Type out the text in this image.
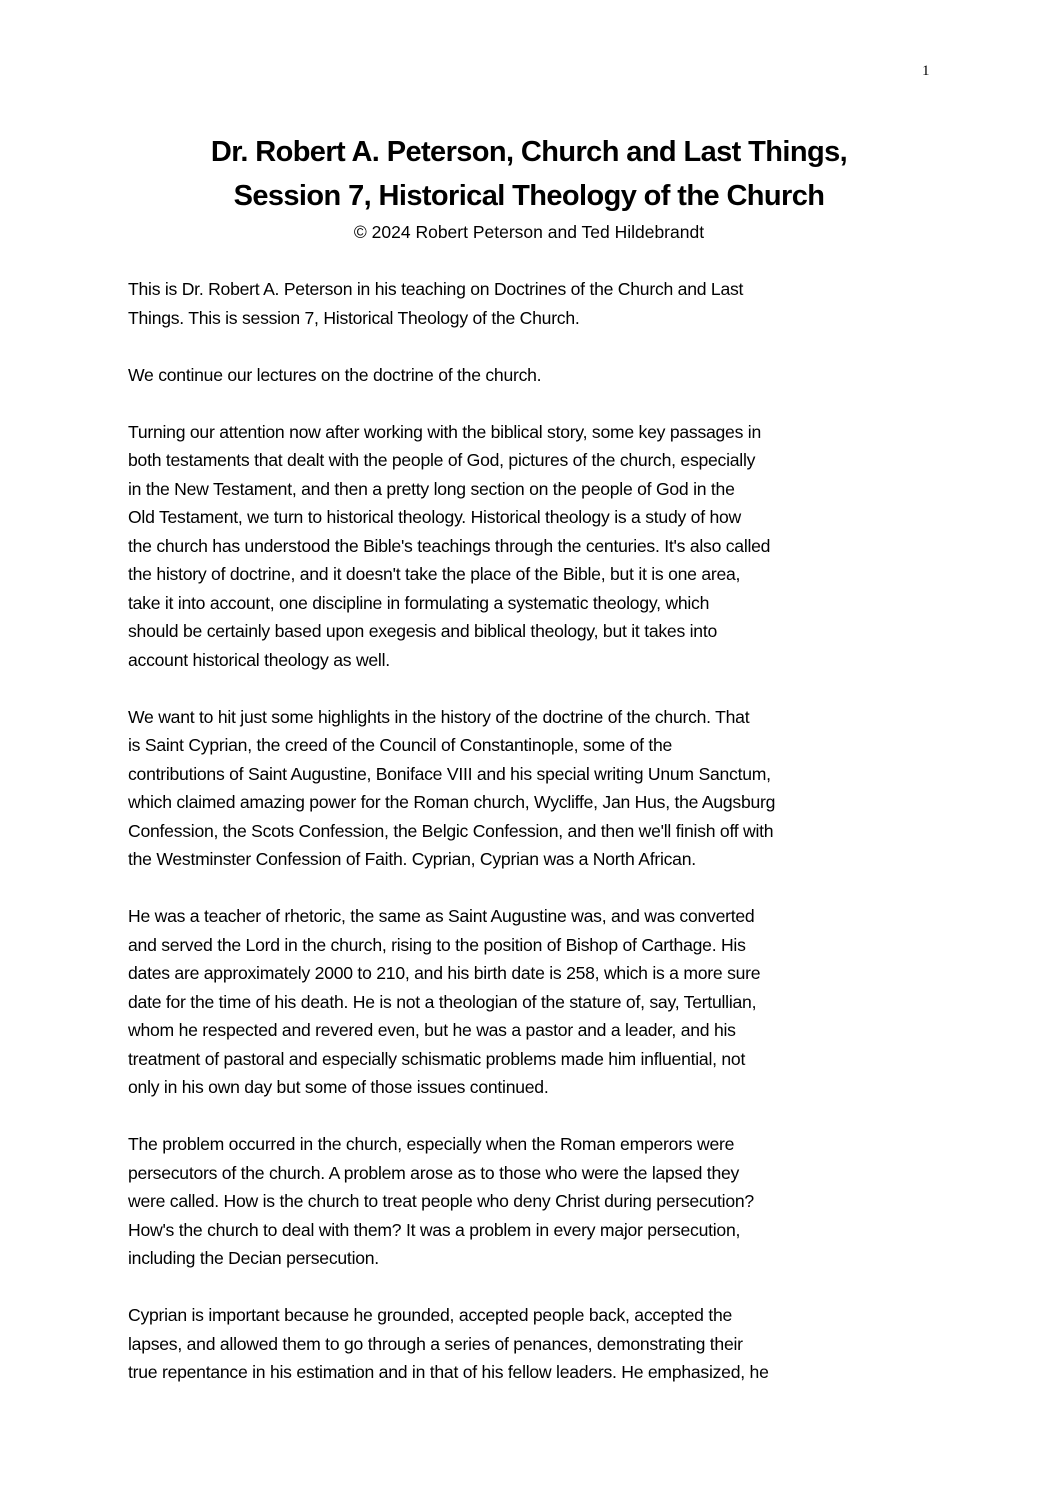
1
Dr. Robert A. Peterson, Church and Last Things,
Session 7, Historical Theology of the Church
© 2024 Robert Peterson and Ted Hildebrandt

This is Dr. Robert A. Peterson in his teaching on Doctrines of the Church and Last
Things. This is session 7, Historical Theology of the Church.

We continue our lectures on the doctrine of the church.

Turning our attention now after working with the biblical story, some key passages in
both testaments that dealt with the people of God, pictures of the church, especially
in the New Testament, and then a pretty long section on the people of God in the
Old Testament, we turn to historical theology. Historical theology is a study of how
the church has understood the Bible's teachings through the centuries. It's also called
the history of doctrine, and it doesn't take the place of the Bible, but it is one area,
take it into account, one discipline in formulating a systematic theology, which
should be certainly based upon exegesis and biblical theology, but it takes into
account historical theology as well.

We want to hit just some highlights in the history of the doctrine of the church. That
is Saint Cyprian, the creed of the Council of Constantinople, some of the
contributions of Saint Augustine, Boniface VIII and his special writing Unum Sanctum,
which claimed amazing power for the Roman church, Wycliffe, Jan Hus, the Augsburg
Confession, the Scots Confession, the Belgic Confession, and then we'll finish off with
the Westminster Confession of Faith. Cyprian, Cyprian was a North African.

He was a teacher of rhetoric, the same as Saint Augustine was, and was converted
and served the Lord in the church, rising to the position of Bishop of Carthage. His
dates are approximately 2000 to 210, and his birth date is 258, which is a more sure
date for the time of his death. He is not a theologian of the stature of, say, Tertullian,
whom he respected and revered even, but he was a pastor and a leader, and his
treatment of pastoral and especially schismatic problems made him influential, not
only in his own day but some of those issues continued.

The problem occurred in the church, especially when the Roman emperors were
persecutors of the church. A problem arose as to those who were the lapsed they
were called. How is the church to treat people who deny Christ during persecution?
How's the church to deal with them? It was a problem in every major persecution,
including the Decian persecution.

Cyprian is important because he grounded, accepted people back, accepted the
lapses, and allowed them to go through a series of penances, demonstrating their
true repentance in his estimation and in that of his fellow leaders. He emphasized, he
